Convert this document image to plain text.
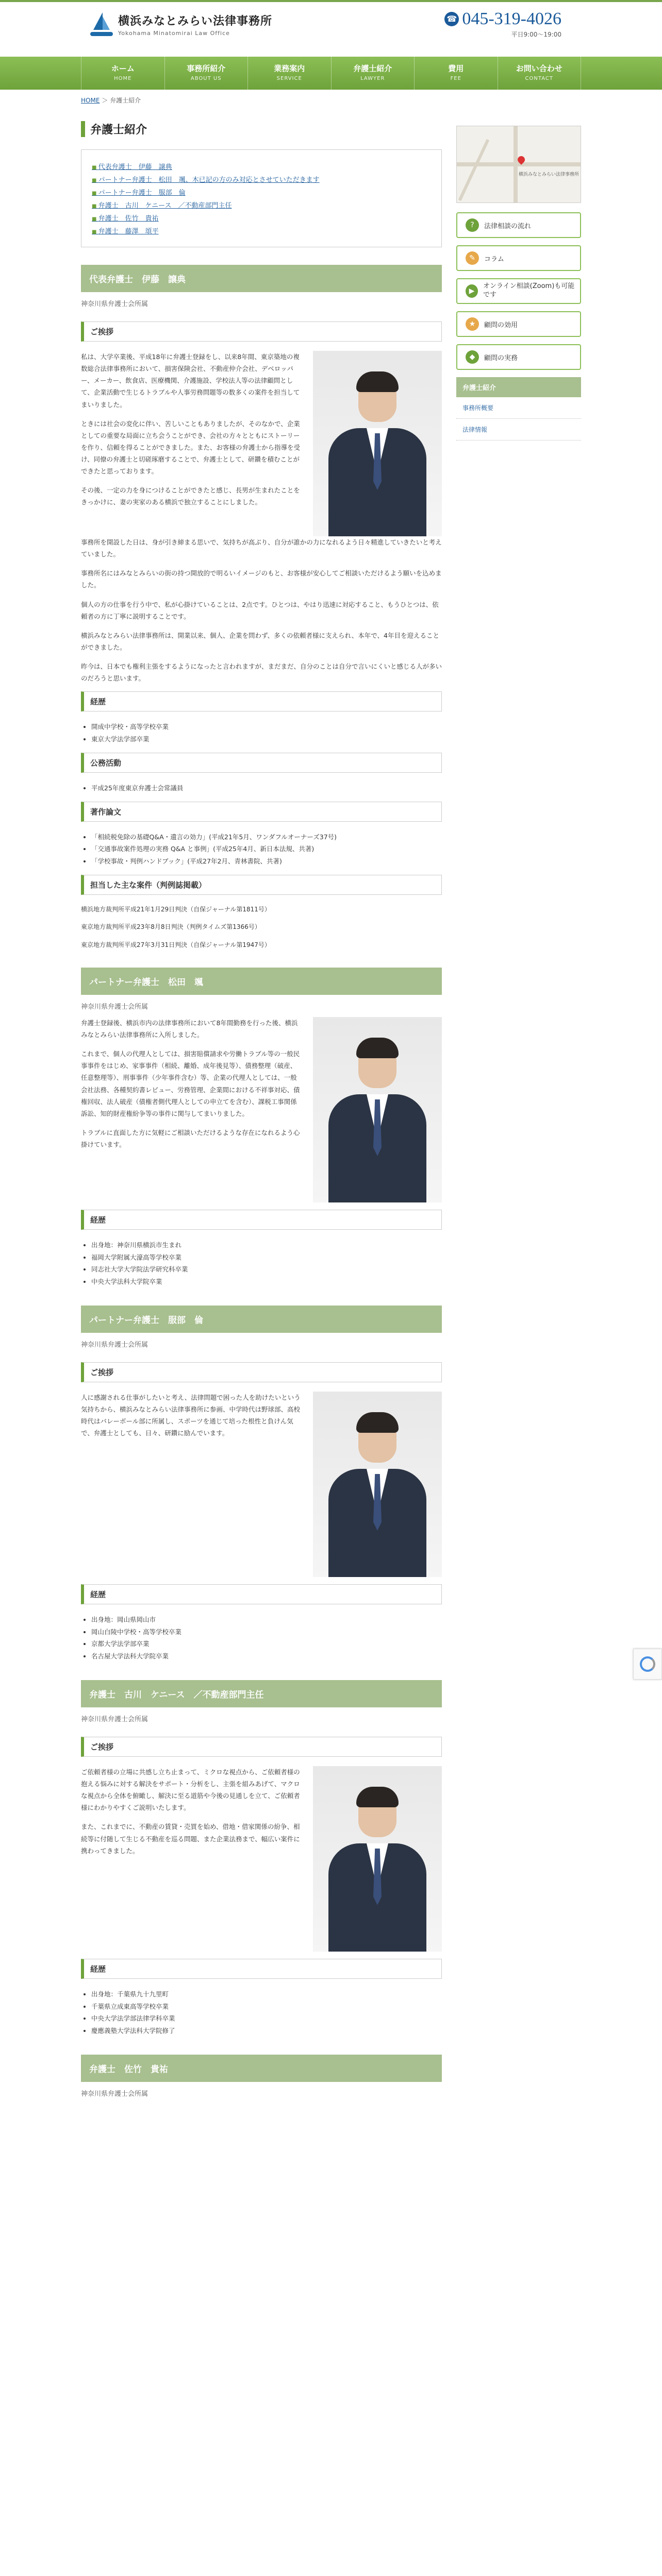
横浜みなとみらい法律事務所
Yokohama Minatomirai Law Office
☎ 045-319-4026
平日9:00～19:00
ホーム
HOME
事務所紹介
ABOUT US
業務案内
SERVICE
弁護士紹介
LAWYER
費用
FEE
お問い合わせ
CONTACT
HOME ＞ 弁護士紹介
弁護士紹介
■ 代表弁護士　伊藤　譲典
■ パートナー弁護士　松田　颯、木已記の方のみ対応とさせていただきます
■ パートナー弁護士　服部　倫
■ 弁護士　古川　ケニース　／不動産部門主任
■ 弁護士　佐竹　貴祐
■ 弁護士　藤澤　頌平
代表弁護士　伊藤　譲典
神奈川県弁護士会所属
ご挨拶

私は、大学卒業後、平成18年に弁護士登録をし、以来8年間、東京築地の複数総合法律事務所において、損害保険会社、不動産仲介会社、デベロッパー、メーカー、飲食店、医療機関、介護施設、学校法人等の法律顧問として、企業活動で生じるトラブルや人事労務問題等の数多くの案件を担当してまいりました。

ときには社会の変化に伴い、苦しいこともありましたが、そのなかで、企業としての重要な局面に立ち会うことができ、会社の方々とともにストーリーを作り、信頼を得ることができました。また、お客様の弁護士から指導を受け、同僚の弁護士と切磋琢磨することで、弁護士として、研鑽を積むことができたと思っております。

その後、一定の力を身につけることができたと感じ、長男が生まれたことをきっかけに、妻の実家のある横浜で独立することにしました。

事務所を開設した日は、身が引き締まる思いで、気持ちが高ぶり、自分が誰かの力になれるよう日々精進していきたいと考えていました。

事務所名にはみなとみらいの街の持つ開放的で明るいイメージのもと、お客様が安心してご相談いただけるよう願いを込めました。

個人の方の仕事を行う中で、私が心掛けていることは、2点です。ひとつは、やはり迅速に対応すること、もうひとつは、依頼者の方に丁寧に説明することです。

横浜みなとみらい法律事務所は、開業以来、個人、企業を問わず、多くの依頼者様に支えられ、本年で、4年目を迎えることができました。

昨今は、日本でも権利主張をするようになったと言われますが、まだまだ、自分のことは自分で言いにくいと感じる人が多いのだろうと思います。

経歴
• 開成中学校・高等学校卒業
• 東京大学法学部卒業
公務活動
• 平成25年度東京弁護士会常議員
著作論文
• 「相続税免除の基礎Q&A・遺言の効力」(平成21年5月、ワンダフルオーナーズ37号)
• 「交通事故案件処理の実務 Q&A と事例」(平成25年4月、新日本法規、共著)
• 「学校事故・判例ハンドブック」(平成27年2月、青林書院、共著)
担当した主な案件（判例誌掲載）
横浜地方裁判所平成21年1月29日判決（自保ジャーナル第1811号）
東京地方裁判所平成23年8月8日判決（判例タイムズ第1366号）
東京地方裁判所平成27年3月31日判決（自保ジャーナル第1947号）
パートナー弁護士　松田　颯
神奈川県弁護士会所属

弁護士登録後、横浜市内の法律事務所において8年間勤務を行った後、横浜みなとみらい法律事務所に入所しました。

これまで、個人の代理人としては、損害賠償請求や労働トラブル等の一般民事事件をはじめ、家事事件（相続、離婚、成年後見等）、債務整理（破産、任意整理等）、刑事事件（少年事件含む）等、企業の代理人としては、一般会社法務、各種契約書レビュー、労務管理、企業間における不祥事対応、債権回収、法人破産（債権者側代理人としての申立てを含む）、課税工事関係訴訟、知的財産権紛争等の事件に関与してまいりました。

トラブルに直面した方に気軽にご相談いただけるような存在になれるよう心掛けています。

経歴
• 出身地：神奈川県横浜市生まれ
• 福岡大学附属大濠高等学校卒業
• 同志社大学大学院法学研究科卒業
• 中央大学法科大学院卒業
パートナー弁護士　服部　倫
神奈川県弁護士会所属
ご挨拶

人に感謝される仕事がしたいと考え、法律問題で困った人を助けたいという気持ちから、横浜みなとみらい法律事務所に参画、中学時代は野球部、高校時代はバレーボール部に所属し、スポーツを通じて培った根性と負けん気で、弁護士としても、日々、研鑽に励んでいます。

経歴
• 出身地：岡山県岡山市
• 岡山白陵中学校・高等学校卒業
• 京都大学法学部卒業
• 名古屋大学法科大学院卒業
弁護士　古川　ケニース　／不動産部門主任
神奈川県弁護士会所属
ご挨拶

ご依頼者様の立場に共感し立ち止まって、ミクロな視点から、ご依頼者様の抱える悩みに対する解決をサポート・分析をし、主張を組みあげて、マクロな視点から全体を俯瞰し、解決に至る道筋や今後の見通しを立て、ご依頼者様にわかりやすくご説明いたします。

また、これまでに、不動産の賃貸・売買を始め、借地・借家関係の紛争、相続等に付随して生じる不動産を巡る問題、また企業法務まで、幅広い案件に携わってきました。

経歴
• 出身地：千葉県九十九里町
• 千葉県立成東高等学校卒業
• 中央大学法学部法律学科卒業
• 慶應義塾大学法科大学院修了
弁護士　佐竹　貴祐
神奈川県弁護士会所属
横浜みなとみらい法律事務所
?	法律相談の流れ
✎	コラム
▶
オンライン相談(Zoom)も可能です
★	顧問の効用
◆	顧問の実務
弁護士紹介
事務所概要
法律情報
